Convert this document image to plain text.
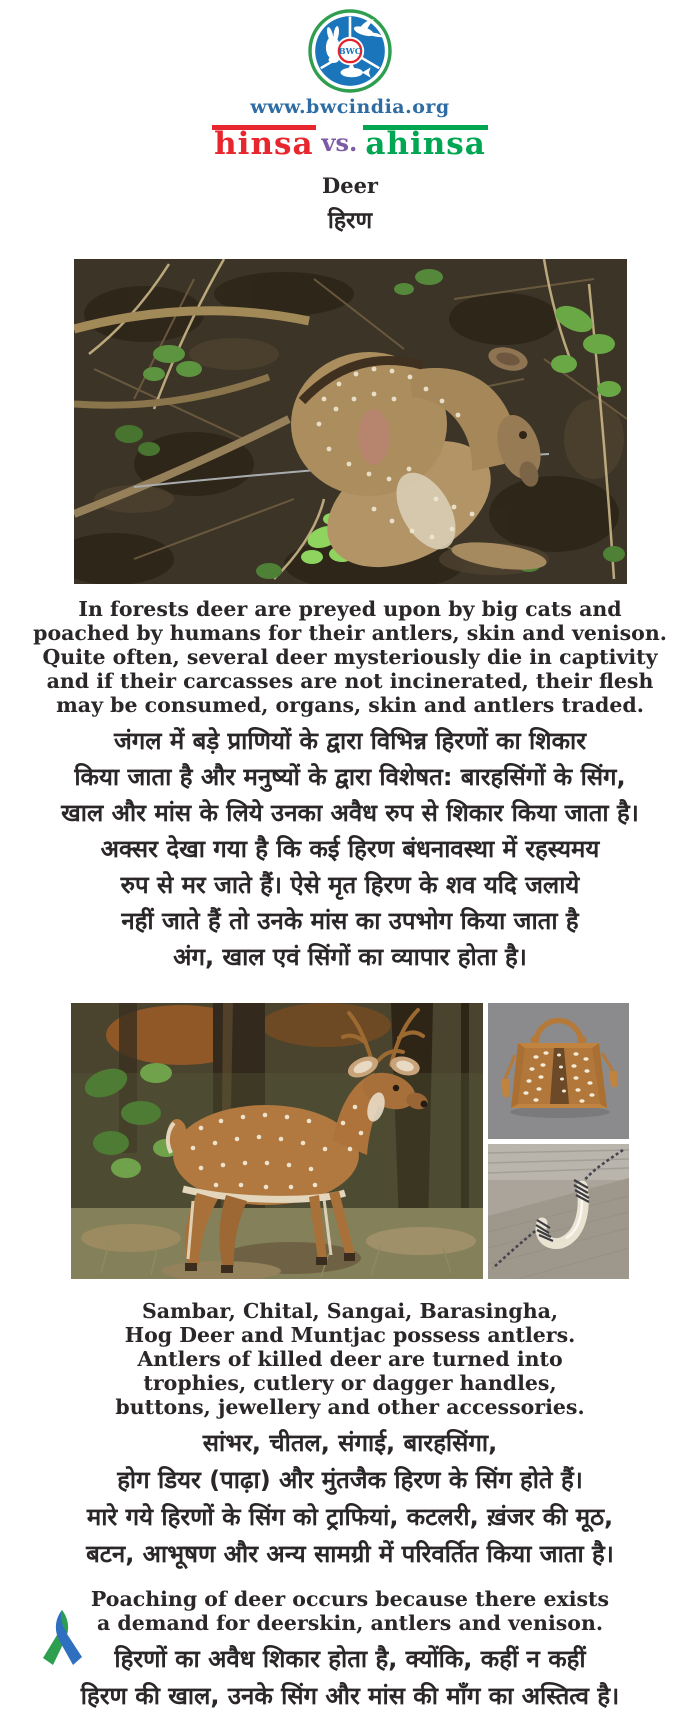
BWC
www.bwcindia.org
hinsa vs. ahinsa
Deer
हिरण
In forests deer are preyed upon by big cats and
poached by humans for their antlers, skin and venison.
Quite often, several deer mysteriously die in captivity
and if their carcasses are not incinerated, their flesh
may be consumed, organs, skin and antlers traded.
जंगल में बड़े प्राणियों के द्वारा विभिन्न हिरणों का शिकार
किया जाता है और मनुष्यों के द्वारा विशेषत: बारहसिंगों के सिंग,
खाल और मांस के लिये उनका अवैध रुप से शिकार किया जाता है।
अक्सर देखा गया है कि कई हिरण बंधनावस्था में रहस्यमय
रुप से मर जाते हैं। ऐसे मृत हिरण के शव यदि जलाये
नहीं जाते हैं तो उनके मांस का उपभोग किया जाता है
अंग, खाल एवं सिंगों का व्यापार होता है।
Sambar, Chital, Sangai, Barasingha,
Hog Deer and Muntjac possess antlers.
Antlers of killed deer are turned into
trophies, cutlery or dagger handles,
buttons, jewellery and other accessories.
सांभर, चीतल, संगाई, बारहसिंगा,
होग डियर (पाढ़ा) और मुंतजैक हिरण के सिंग होते हैं।
मारे गये हिरणों के सिंग को ट्राफियां, कटलरी, ख़ंजर की मूठ,
बटन, आभूषण और अन्य सामग्री में परिवर्तित किया जाता है।
Poaching of deer occurs because there exists
a demand for deerskin, antlers and venison.
हिरणों का अवैध शिकार होता है, क्योंकि, कहीं न कहीं
हिरण की खाल, उनके सिंग और मांस की माँग का अस्तित्व है।
